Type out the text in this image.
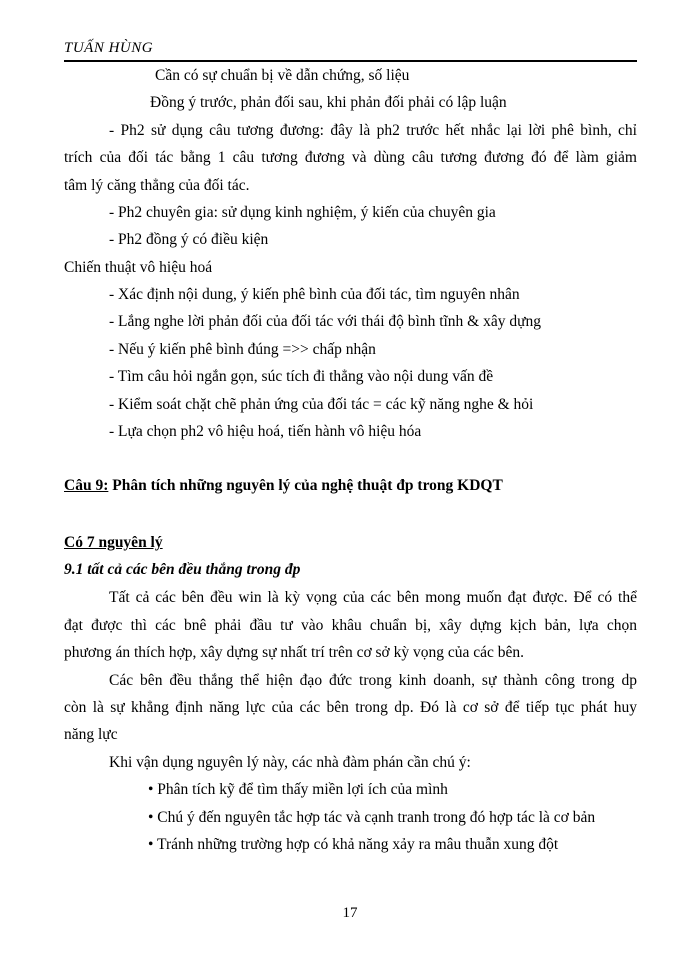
TUẤN HÙNG
Cần có sự chuẩn bị về dẫn chứng, số liệu
Đồng ý trước, phản đối sau, khi phản đối phải có lập luận
- Ph2 sử dụng câu tương đương: đây là ph2 trước hết nhắc lại lời phê bình, chỉ
trích của đối tác bằng 1 câu tương đương và dùng câu tương đương đó để làm giảm
tâm lý căng thẳng của đối tác.
- Ph2 chuyên gia: sử dụng kinh nghiệm, ý kiến của chuyên gia
- Ph2 đồng ý có điều kiện
Chiến thuật vô hiệu hoá
- Xác định nội dung, ý kiến phê bình của đối tác, tìm nguyên nhân
- Lắng nghe lời phản đối của đối tác với thái độ bình tĩnh & xây dựng
- Nếu ý kiến phê bình đúng =>> chấp nhận
- Tìm câu hỏi ngắn gọn, súc tích đi thẳng vào nội dung vấn đề
- Kiểm soát chặt chẽ phản ứng của đối tác = các kỹ năng nghe & hỏi
- Lựa chọn ph2 vô hiệu hoá, tiến hành vô hiệu hóa
Câu 9: Phân tích những nguyên lý của nghệ thuật đp trong KDQT
Có 7 nguyên lý
9.1 tất cả các bên đều thắng trong đp
Tất cả các bên đều win là kỳ vọng của các bên mong muốn đạt được. Để có thể
đạt được thì các bnê phải đầu tư vào khâu chuẩn bị, xây dựng kịch bản, lựa chọn
phương án thích hợp, xây dựng sự nhất trí trên cơ sở kỳ vọng của các bên.
Các bên đều thắng thể hiện đạo đức trong kinh doanh, sự thành công trong dp
còn là sự khẳng định năng lực của các bên trong dp. Đó là cơ sở để tiếp tục phát huy
năng lực
Khi vận dụng nguyên lý này, các nhà đàm phán cần chú ý:
• Phân tích kỹ để tìm thấy miền lợi ích của mình
• Chú ý đến nguyên tắc hợp tác và cạnh tranh trong đó hợp tác là cơ bản
• Tránh những trường hợp có khả năng xảy ra mâu thuẫn xung đột
17
